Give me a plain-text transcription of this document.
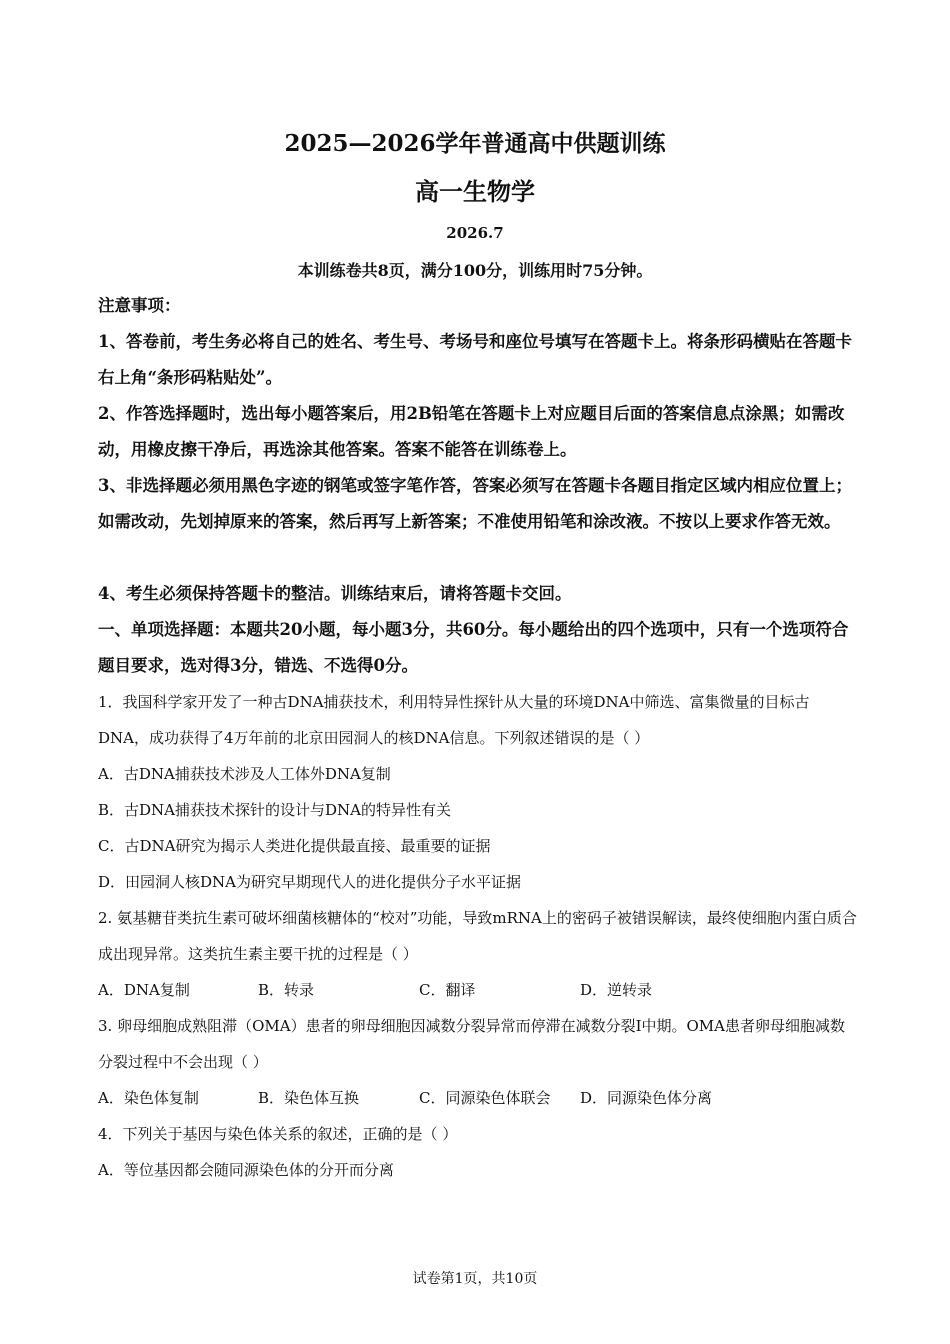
2025—2026学年普通高中供题训练
高一生物学
2026.7
本训练卷共8页，满分100分，训练用时75分钟。
注意事项：
1、答卷前，考生务必将自己的姓名、考生号、考场号和座位号填写在答题卡上。将条形码横贴在答题卡右上角“条形码粘贴处”。
2、作答选择题时，选出每小题答案后，用2B铅笔在答题卡上对应题目后面的答案信息点涂黑；如需改动，用橡皮擦干净后，再选涂其他答案。答案不能答在训练卷上。
3、非选择题必须用黑色字迹的钢笔或签字笔作答，答案必须写在答题卡各题目指定区域内相应位置上；如需改动，先划掉原来的答案，然后再写上新答案；不准使用铅笔和涂改液。不按以上要求作答无效。
4、考生必须保持答题卡的整洁。训练结束后，请将答题卡交回。
一、单项选择题：本题共20小题，每小题3分，共60分。每小题给出的四个选项中，只有一个选项符合题目要求，选对得3分，错选、不选得0分。
1．我国科学家开发了一种古DNA捕获技术，利用特异性探针从大量的环境DNA中筛选、富集微量的目标古DNA，成功获得了4万年前的北京田园洞人的核DNA信息。下列叙述错误的是（ ）
A．古DNA捕获技术涉及人工体外DNA复制
B．古DNA捕获技术探针的设计与DNA的特异性有关
C．古DNA研究为揭示人类进化提供最直接、最重要的证据
D．田园洞人核DNA为研究早期现代人的进化提供分子水平证据
2. 氨基糖苷类抗生素可破坏细菌核糖体的“校对”功能，导致mRNA上的密码子被错误解读，最终使细胞内蛋白质合成出现异常。这类抗生素主要干扰的过程是（ ）
A．DNA复制	B．转录	C．翻译	D．逆转录
3. 卵母细胞成熟阻滞（OMA）患者的卵母细胞因减数分裂异常而停滞在减数分裂Ⅰ中期。OMA患者卵母细胞减数分裂过程中不会出现（ ）
A．染色体复制	B．染色体互换	C．同源染色体联会 D．同源染色体分离
4．下列关于基因与染色体关系的叙述，正确的是（ ）
A．等位基因都会随同源染色体的分开而分离
试卷第1页，共10页
